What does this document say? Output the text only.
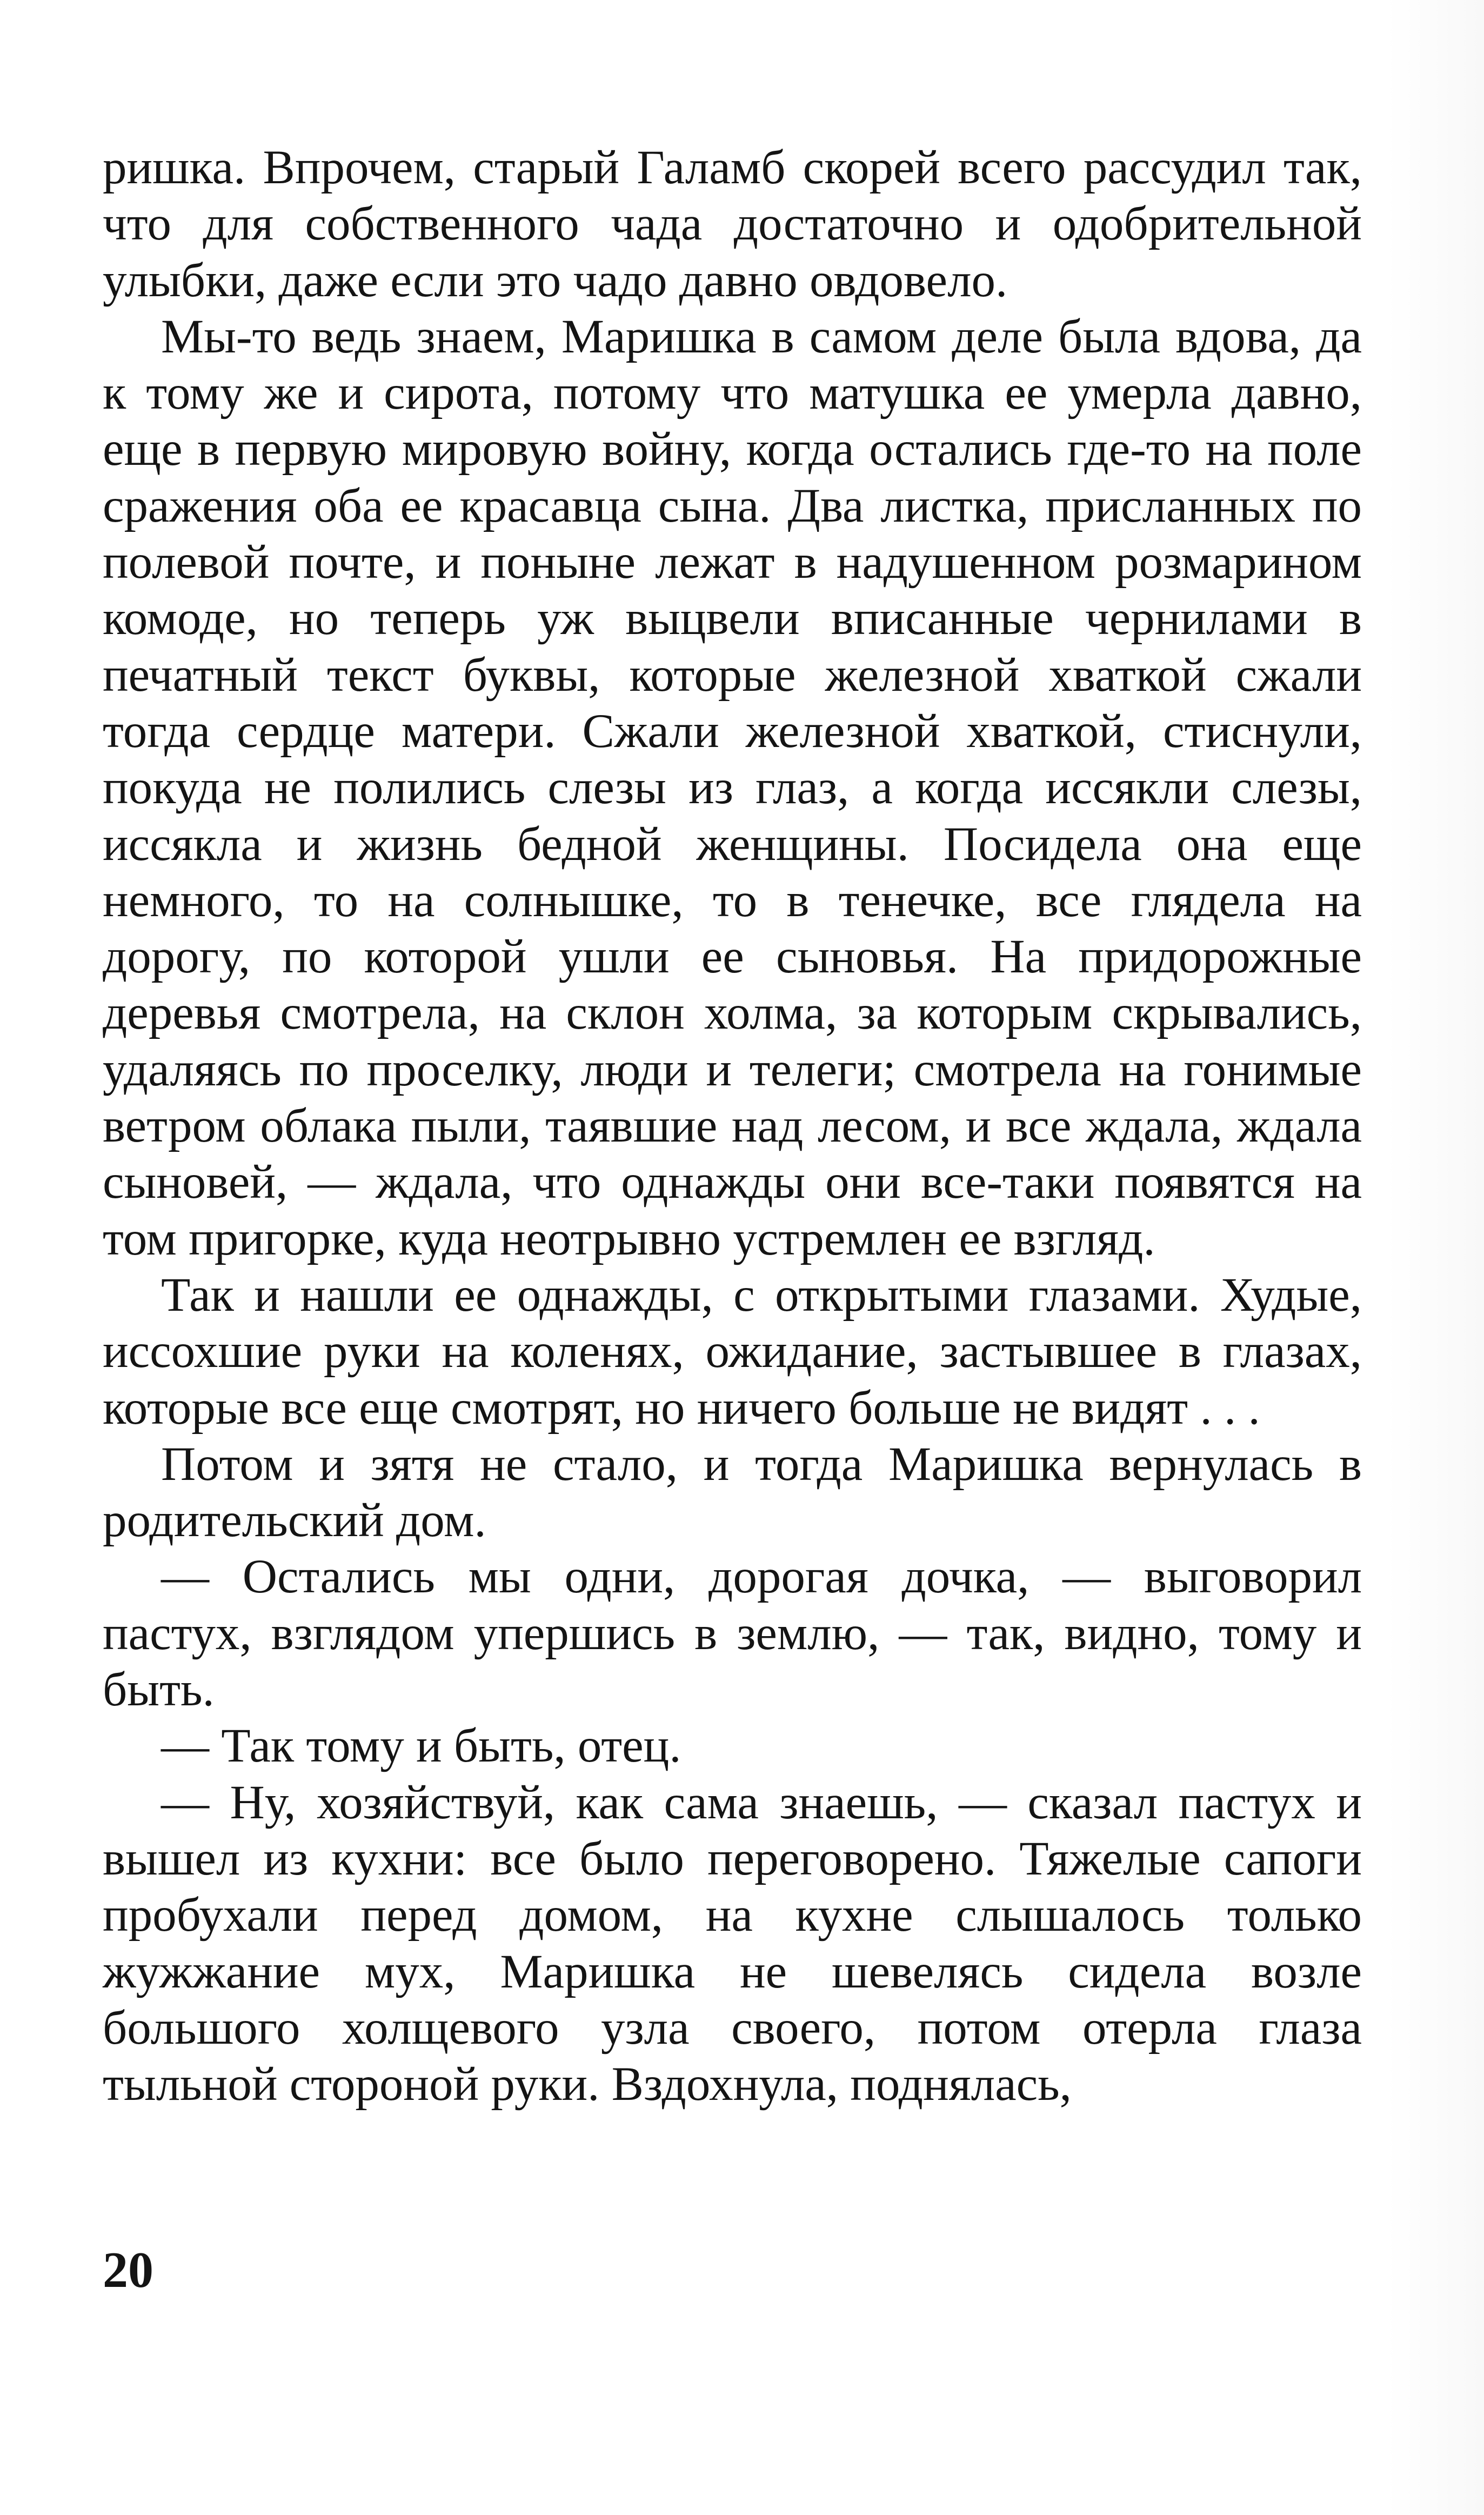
ришка. Впрочем, старый Галамб скорей всего рассудил так, что для собственного чада достаточно и одобрительной улыбки, даже если это чадо давно овдовело.

Мы-то ведь знаем, Маришка в самом деле была вдова, да к тому же и сирота, потому что матушка ее умерла давно, еще в первую мировую войну, когда остались где-то на поле сражения оба ее красавца сына. Два листка, присланных по полевой почте, и поныне лежат в надушенном розмарином комоде, но теперь уж выцвели вписанные чернилами в печатный текст буквы, которые железной хваткой сжали тогда сердце матери. Сжали железной хваткой, стиснули, покуда не полились слезы из глаз, а когда иссякли слезы, иссякла и жизнь бедной женщины. Посидела она еще немного, то на солнышке, то в тенечке, все глядела на дорогу, по которой ушли ее сыновья. На придорожные деревья смотрела, на склон холма, за которым скрывались, удаляясь по проселку, люди и телеги; смотрела на гонимые ветром облака пыли, таявшие над лесом, и все ждала, ждала сыновей, — ждала, что однажды они все-таки появятся на том пригорке, куда неотрывно устремлен ее взгляд.

Так и нашли ее однажды, с открытыми глазами. Худые, иссохшие руки на коленях, ожидание, застывшее в глазах, которые все еще смотрят, но ничего больше не видят . . .

Потом и зятя не стало, и тогда Маришка вернулась в родительский дом.

— Остались мы одни, дорогая дочка, — выговорил пастух, взглядом упершись в землю, — так, видно, тому и быть.

— Так тому и быть, отец.

— Ну, хозяйствуй, как сама знаешь, — сказал пастух и вышел из кухни: все было переговорено. Тяжелые сапоги пробухали перед домом, на кухне слышалось только жужжание мух, Маришка не шевелясь сидела возле большого холщевого узла своего, потом отерла глаза тыльной стороной руки. Вздохнула, поднялась,

20
